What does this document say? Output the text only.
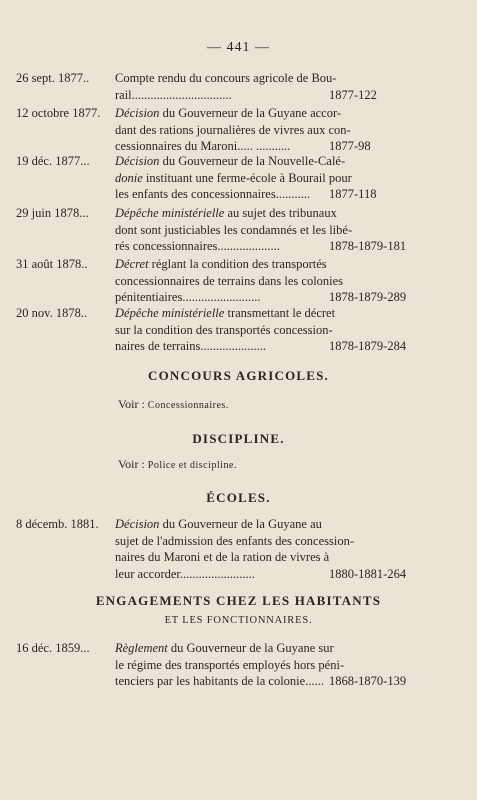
— 441 —
26 sept. 1877.. Compte rendu du concours agricole de Bou-
rail................................	1877-122
12 octobre 1877. Décision du Gouverneur de la Guyane accor-
dant des rations journalières de vivres aux con-
cessionnaires du Maroni..... ...........	1877-98
19 déc. 1877... Décision du Gouverneur de la Nouvelle-Calé-
donie instituant une ferme-école à Bourail pour
les enfants des concessionnaires...........	1877-118
29 juin 1878... Dépêche ministérielle au sujet des tribunaux
dont sont justiciables les condamnés et les libé-
rés concessionnaires....................	1878-1879-181
31 août 1878.. Décret réglant la condition des transportés
concessionnaires de terrains dans les colonies
pénitentiaires.........................	1878-1879-289
20 nov. 1878.. Dépêche ministérielle transmettant le décret
sur la condition des transportés concession-
naires de terrains.....................	1878-1879-284
CONCOURS AGRICOLES.
Voir : Concessionnaires.
DISCIPLINE.
Voir : Police et discipline.
ÉCOLES.
8 décemb. 1881. Décision du Gouverneur de la Guyane au
sujet de l'admission des enfants des concession-
naires du Maroni et de la ration de vivres à
leur accorder........................	1880-1881-264
ENGAGEMENTS CHEZ LES HABITANTS
ET LES FONCTIONNAIRES.
16 déc. 1859... Règlement du Gouverneur de la Guyane sur
le régime des transportés employés hors péni-
tenciers par les habitants de la colonie...... 1868-1870-139
